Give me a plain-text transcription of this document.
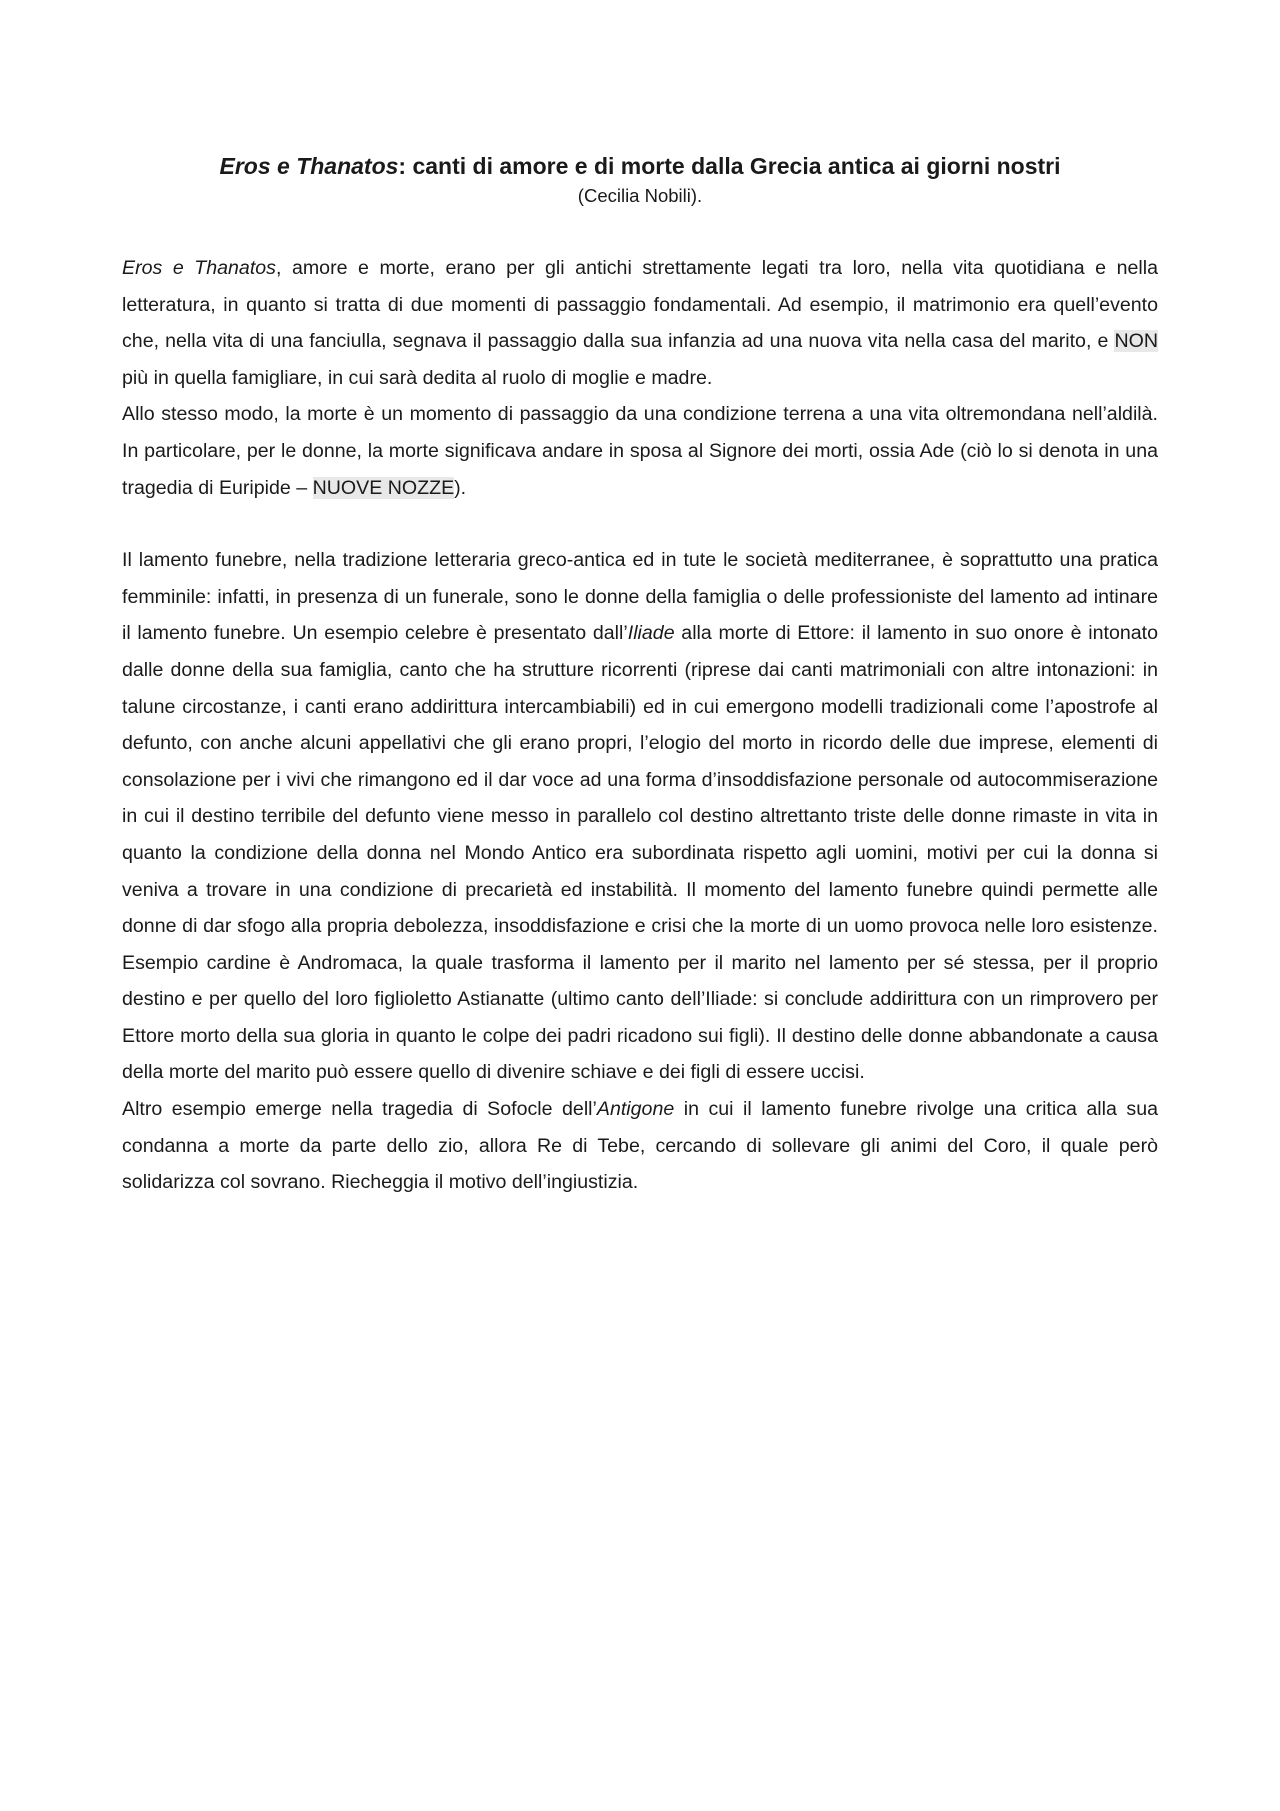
Eros e Thanatos: canti di amore e di morte dalla Grecia antica ai giorni nostri

(Cecilia Nobili).

Eros e Thanatos, amore e morte, erano per gli antichi strettamente legati tra loro, nella vita quotidiana e nella letteratura, in quanto si tratta di due momenti di passaggio fondamentali. Ad esempio, il matrimonio era quell’evento che, nella vita di una fanciulla, segnava il passaggio dalla sua infanzia ad una nuova vita nella casa del marito, e NON più in quella famigliare, in cui sarà dedita al ruolo di moglie e madre.

Allo stesso modo, la morte è un momento di passaggio da una condizione terrena a una vita oltremondana nell’aldilà. In particolare, per le donne, la morte significava andare in sposa al Signore dei morti, ossia Ade (ciò lo si denota in una tragedia di Euripide – NUOVE NOZZE).

Il lamento funebre, nella tradizione letteraria greco-antica ed in tute le società mediterranee, è soprattutto una pratica femminile: infatti, in presenza di un funerale, sono le donne della famiglia o delle professioniste del lamento ad intinare il lamento funebre. Un esempio celebre è presentato dall’Iliade alla morte di Ettore: il lamento in suo onore è intonato dalle donne della sua famiglia, canto che ha strutture ricorrenti (riprese dai canti matrimoniali con altre intonazioni: in talune circostanze, i canti erano addirittura intercambiabili) ed in cui emergono modelli tradizionali come l’apostrofe al defunto, con anche alcuni appellativi che gli erano propri, l’elogio del morto in ricordo delle due imprese, elementi di consolazione per i vivi che rimangono ed il dar voce ad una forma d’insoddisfazione personale od autocommiserazione in cui il destino terribile del defunto viene messo in parallelo col destino altrettanto triste delle donne rimaste in vita in quanto la condizione della donna nel Mondo Antico era subordinata rispetto agli uomini, motivi per cui la donna si veniva a trovare in una condizione di precarietà ed instabilità. Il momento del lamento funebre quindi permette alle donne di dar sfogo alla propria debolezza, insoddisfazione e crisi che la morte di un uomo provoca nelle loro esistenze. Esempio cardine è Andromaca, la quale trasforma il lamento per il marito nel lamento per sé stessa, per il proprio destino e per quello del loro figlioletto Astianatte (ultimo canto dell’Iliade: si conclude addirittura con un rimprovero per Ettore morto della sua gloria in quanto le colpe dei padri ricadono sui figli). Il destino delle donne abbandonate a causa della morte del marito può essere quello di divenire schiave e dei figli di essere uccisi.

Altro esempio emerge nella tragedia di Sofocle dell’Antigone in cui il lamento funebre rivolge una critica alla sua condanna a morte da parte dello zio, allora Re di Tebe, cercando di sollevare gli animi del Coro, il quale però solidarizza col sovrano. Riecheggia il motivo dell’ingiustizia.
